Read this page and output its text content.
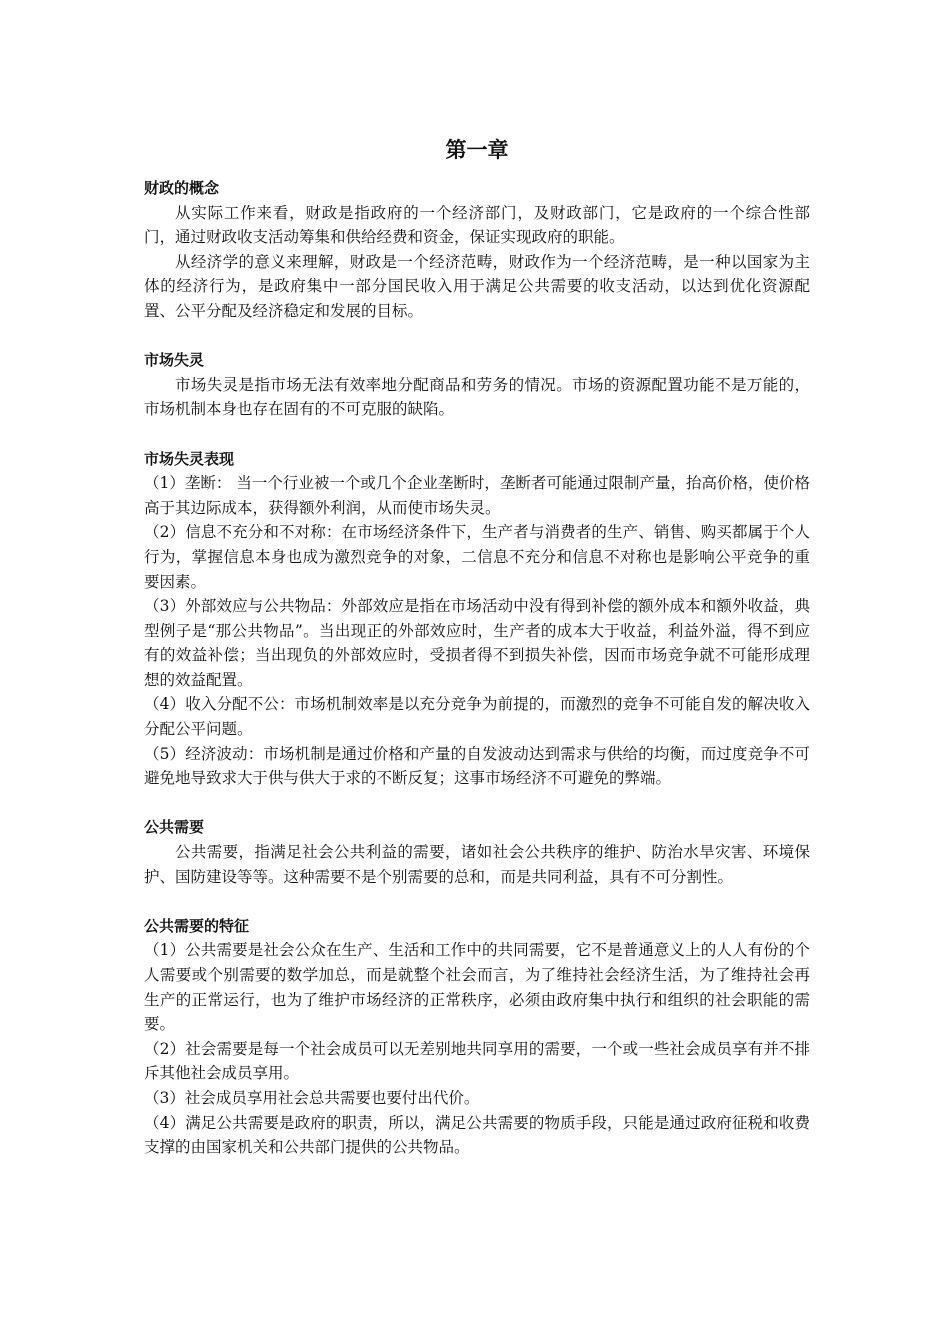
第一章

财政的概念

从实际工作来看，财政是指政府的一个经济部门，及财政部门，它是政府的一个综合性部门，通过财政收支活动筹集和供给经费和资金，保证实现政府的职能。

从经济学的意义来理解，财政是一个经济范畴，财政作为一个经济范畴，是一种以国家为主体的经济行为，是政府集中一部分国民收入用于满足公共需要的收支活动，以达到优化资源配置、公平分配及经济稳定和发展的目标。

市场失灵

市场失灵是指市场无法有效率地分配商品和劳务的情况。市场的资源配置功能不是万能的，市场机制本身也存在固有的不可克服的缺陷。

市场失灵表现

（1）垄断： 当一个行业被一个或几个企业垄断时，垄断者可能通过限制产量，抬高价格，使价格高于其边际成本，获得额外利润，从而使市场失灵。

（2）信息不充分和不对称：在市场经济条件下，生产者与消费者的生产、销售、购买都属于个人行为，掌握信息本身也成为激烈竞争的对象，二信息不充分和信息不对称也是影响公平竞争的重要因素。

（3）外部效应与公共物品：外部效应是指在市场活动中没有得到补偿的额外成本和额外收益，典型例子是“那公共物品”。当出现正的外部效应时，生产者的成本大于收益，利益外溢，得不到应有的效益补偿；当出现负的外部效应时，受损者得不到损失补偿，因而市场竞争就不可能形成理想的效益配置。

（4）收入分配不公：市场机制效率是以充分竞争为前提的，而激烈的竞争不可能自发的解决收入分配公平问题。

（5）经济波动：市场机制是通过价格和产量的自发波动达到需求与供给的均衡，而过度竞争不可 避免地导致求大于供与供大于求的不断反复；这事市场经济不可避免的弊端。

公共需要

公共需要，指满足社会公共利益的需要，诸如社会公共秩序的维护、防治水旱灾害、环境保护、国防建设等等。这种需要不是个别需要的总和，而是共同利益，具有不可分割性。

公共需要的特征

（1）公共需要是社会公众在生产、生活和工作中的共同需要，它不是普通意义上的人人有份的个人需要或个别需要的数学加总，而是就整个社会而言，为了维持社会经济生活，为了维持社会再生产的正常运行，也为了维护市场经济的正常秩序，必须由政府集中执行和组织的社会职能的需要。

（2）社会需要是每一个社会成员可以无差别地共同享用的需要，一个或一些社会成员享有并不排斥其他社会成员享用。

（3）社会成员享用社会总共需要也要付出代价。

（4）满足公共需要是政府的职责，所以，满足公共需要的物质手段，只能是通过政府征税和收费支撑的由国家机关和公共部门提供的公共物品。
